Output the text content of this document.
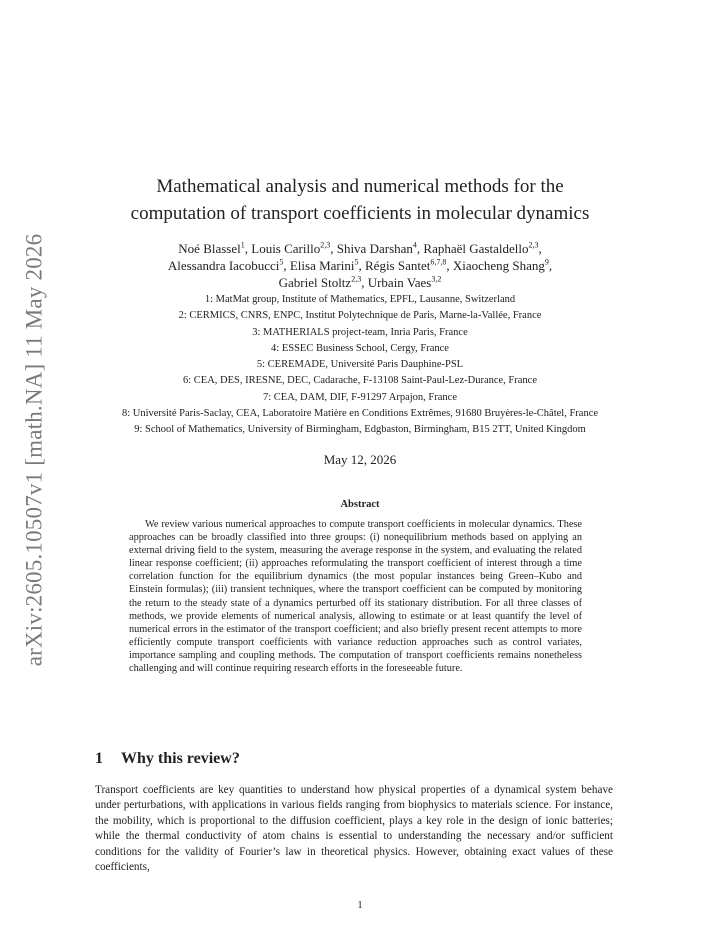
arXiv:2605.10507v1 [math.NA] 11 May 2026
Mathematical analysis and numerical methods for the
computation of transport coefficients in molecular dynamics
Noé Blassel$^1$, Louis Carillo$^{2,3}$, Shiva Darshan$^4$, Raphaël Gastaldello$^{2,3}$,
Alessandra Iacobucci$^5$, Elisa Marini$^5$, Régis Santet$^{6,7,8}$, Xiaocheng Shang$^9$,
Gabriel Stoltz$^{2,3}$, Urbain Vaes$^{3,2}$
1: MatMat group, Institute of Mathematics, EPFL, Lausanne, Switzerland
2: CERMICS, CNRS, ENPC, Institut Polytechnique de Paris, Marne-la-Vallée, France
3: MATHERIALS project-team, Inria Paris, France
4: ESSEC Business School, Cergy, France
5: CEREMADE, Université Paris Dauphine-PSL
6: CEA, DES, IRESNE, DEC, Cadarache, F-13108 Saint-Paul-Lez-Durance, France
7: CEA, DAM, DIF, F-91297 Arpajon, France
8: Université Paris-Saclay, CEA, Laboratoire Matière en Conditions Extrêmes, 91680 Bruyères-le-Châtel, France
9: School of Mathematics, University of Birmingham, Edgbaston, Birmingham, B15 2TT, United Kingdom
May 12, 2026
Abstract
We review various numerical approaches to compute transport coefficients in molecular dynamics. These approaches can be broadly classified into three groups: (i) nonequilibrium methods based on applying an external driving field to the system, measuring the average response in the system, and evaluating the related linear response coefficient; (ii) approaches reformulating the transport coefficient of interest through a time correlation function for the equilibrium dynamics (the most popular instances being Green–Kubo and Einstein formulas); (iii) transient techniques, where the transport coefficient can be computed by monitoring the return to the steady state of a dynamics perturbed off its stationary distribution. For all three classes of methods, we provide elements of numerical analysis, allowing to estimate or at least quantify the level of numerical errors in the estimator of the transport coefficient; and also briefly present recent attempts to more efficiently compute transport coefficients with variance reduction approaches such as control variates, importance sampling and coupling methods. The computation of transport coefficients remains nonetheless challenging and will continue requiring research efforts in the foreseeable future.
1 Why this review?
Transport coefficients are key quantities to understand how physical properties of a dynamical system behave under perturbations, with applications in various fields ranging from biophysics to materials science. For instance, the mobility, which is proportional to the diffusion coefficient, plays a key role in the design of ionic batteries; while the thermal conductivity of atom chains is essential to understanding the necessary and/or sufficient conditions for the validity of Fourier’s law in theoretical physics. However, obtaining exact values of these coefficients,
1
